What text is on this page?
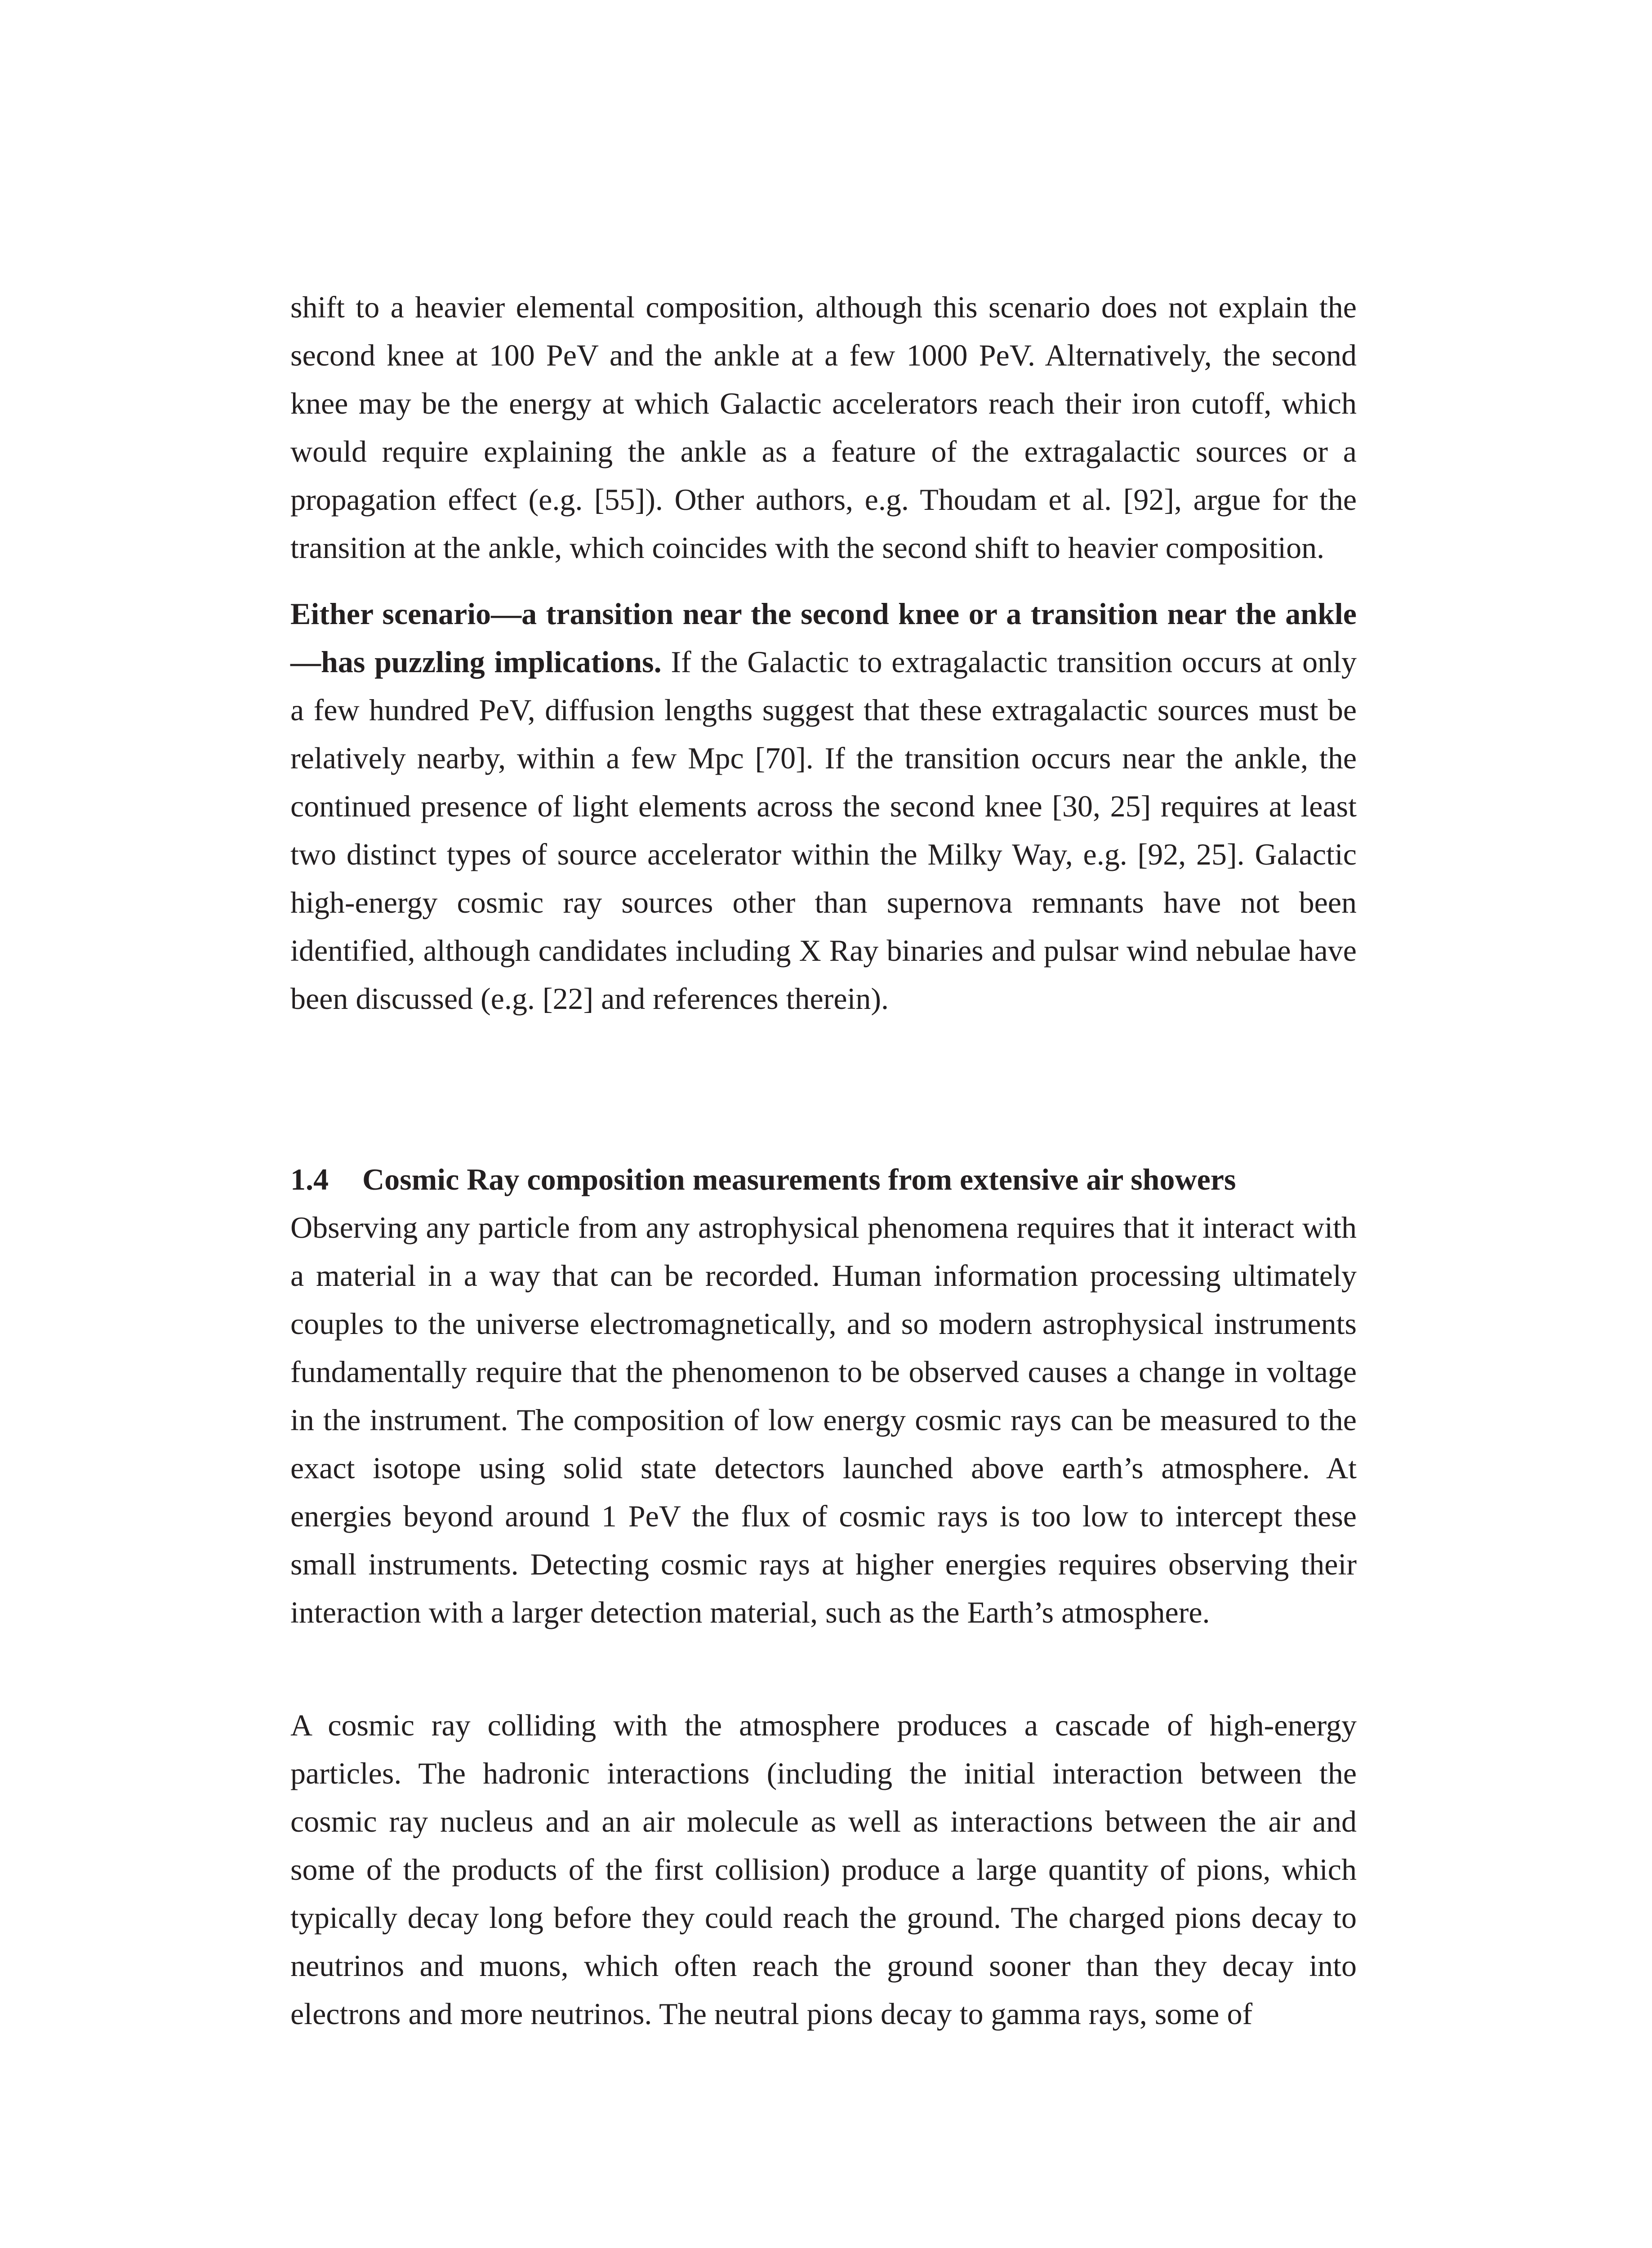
shift to a heavier elemental composition, although this scenario does not explain the second knee at 100 PeV and the ankle at a few 1000 PeV. Alternatively, the second knee may be the energy at which Galactic accelerators reach their iron cutoff, which would require explaining the ankle as a feature of the extragalactic sources or a propagation effect (e.g. [55]). Other authors, e.g. Thoudam et al. [92], argue for the transition at the ankle, which coincides with the second shift to heavier composition.

Either scenario—a transition near the second knee or a transition near the ankle—has puzzling implications. If the Galactic to extragalactic transition occurs at only a few hundred PeV, diffusion lengths suggest that these extragalactic sources must be relatively nearby, within a few Mpc [70]. If the transition occurs near the ankle, the continued presence of light elements across the second knee [30, 25] requires at least two distinct types of source accelerator within the Milky Way, e.g. [92, 25]. Galactic high-energy cosmic ray sources other than supernova remnants have not been identified, although candidates including X Ray binaries and pulsar wind nebulae have been discussed (e.g. [22] and references therein).

1.4 Cosmic Ray composition measurements from extensive air showers

Observing any particle from any astrophysical phenomena requires that it interact with a material in a way that can be recorded. Human information processing ultimately couples to the universe electromagnetically, and so modern astrophysical instruments fundamentally require that the phenomenon to be observed causes a change in voltage in the instrument. The composition of low energy cosmic rays can be measured to the exact isotope using solid state detectors launched above earth’s atmosphere. At energies beyond around 1 PeV the flux of cosmic rays is too low to intercept these small instruments. Detecting cosmic rays at higher energies requires observing their interaction with a larger detection material, such as the Earth’s atmosphere.

A cosmic ray colliding with the atmosphere produces a cascade of high-energy particles. The hadronic interactions (including the initial interaction between the cosmic ray nucleus and an air molecule as well as interactions between the air and some of the products of the first collision) produce a large quantity of pions, which typically decay long before they could reach the ground. The charged pions decay to neutrinos and muons, which often reach the ground sooner than they decay into electrons and more neutrinos. The neutral pions decay to gamma rays, some of
